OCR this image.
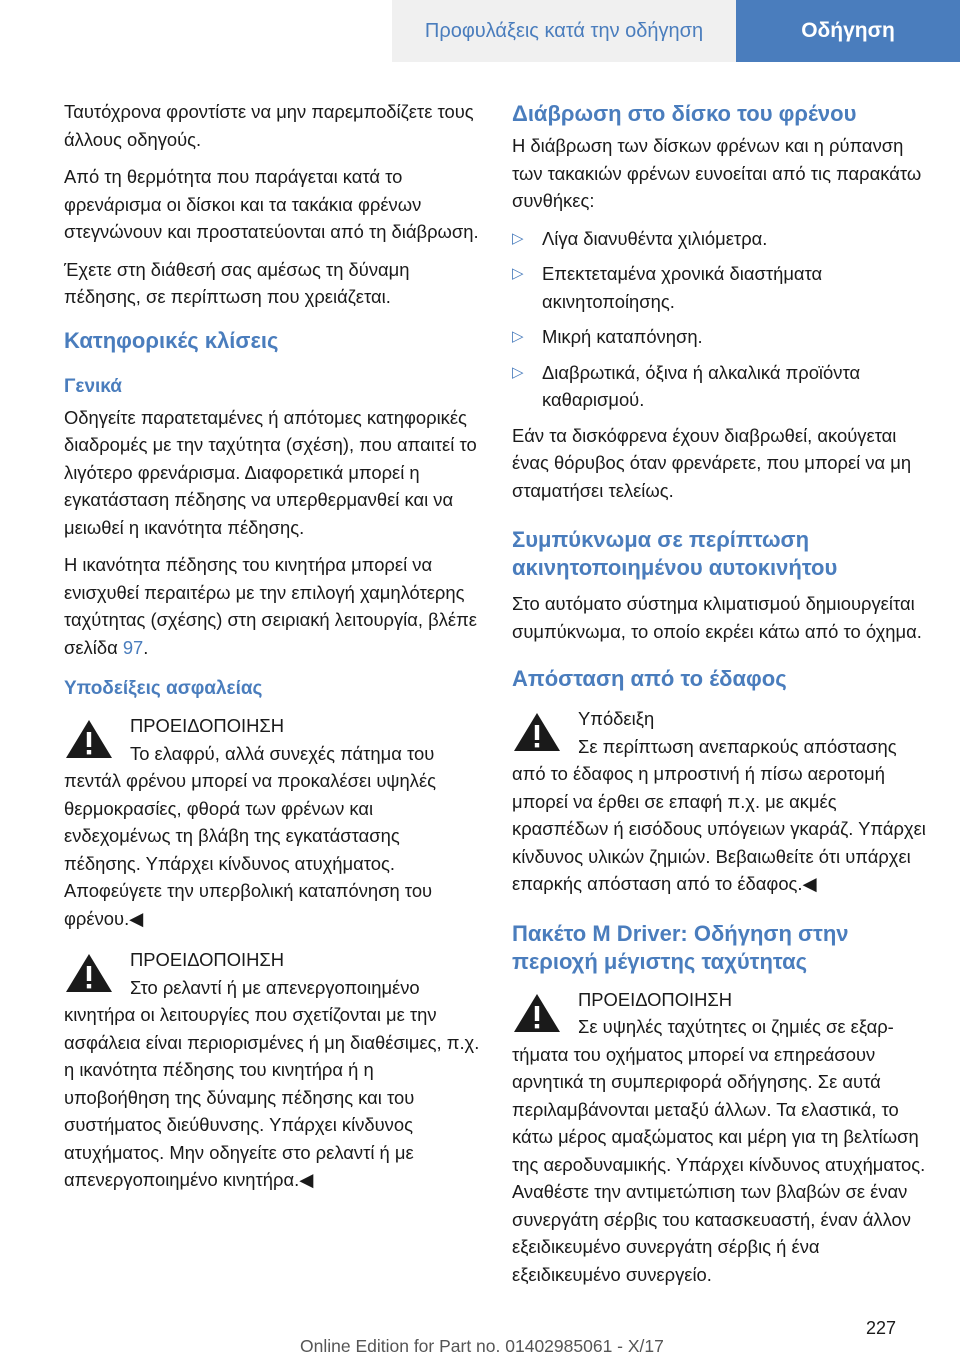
Προφυλάξεις κατά την οδήγηση	Οδήγηση

Ταυτόχρονα φροντίστε να μην παρεμποδίζετε τους άλλους οδηγούς.

Από τη θερμότητα που παράγεται κατά το φρενάρισμα οι δίσκοι και τα τακάκια φρένων στεγνώνουν και προστατεύονται από τη διάβρωση.

Έχετε στη διάθεσή σας αμέσως τη δύναμη πέδησης, σε περίπτωση που χρειάζεται.

Κατηφορικές κλίσεις
Γενικά

Οδηγείτε παρατεταμένες ή απότομες κατηφορικές διαδρομές με την ταχύτητα (σχέση), που απαιτεί το λιγότερο φρενάρισμα. Διαφορετικά μπορεί η εγκατάσταση πέδησης να υπερθερμανθεί και να μειωθεί η ικανότητα πέδησης.

Η ικανότητα πέδησης του κινητήρα μπορεί να ενισχυθεί περαιτέρω με την επιλογή χαμηλότερης ταχύτητας (σχέσης) στη σειριακή λειτουργία, βλέπε σελίδα 97.

Υποδείξεις ασφαλείας

ΠΡΟΕΙΔΟΠΟΙΗΣΗ

Το ελαφρύ, αλλά συνεχές πάτημα του

πεντάλ φρένου μπορεί να προκαλέσει υψηλές θερμοκρασίες, φθορά των φρένων και ενδεχομένως τη βλάβη της εγκατάστασης πέδησης. Υπάρχει κίνδυνος ατυχήματος. Αποφεύγετε την υπερβολική καταπόνηση του φρένου.◀

ΠΡΟΕΙΔΟΠΟΙΗΣΗ

Στο ρελαντί ή με απενεργοποιημένο

κινητήρα οι λειτουργίες που σχετίζονται με την ασφάλεια είναι περιορισμένες ή μη διαθέσιμες, π.χ. η ικανότητα πέδησης του κινητήρα ή η υποβοήθηση της δύναμης πέδησης και του συστήματος διεύθυνσης. Υπάρχει κίνδυνος ατυχήματος. Μην οδηγείτε στο ρελαντί ή με απενεργοποιημένο κινητήρα.◀

Διάβρωση στο δίσκο του φρένου

Η διάβρωση των δίσκων φρένων και η ρύπανση των τακακιών φρένων ευνοείται από τις παρακάτω συνθήκες:

▷ Λίγα διανυθέντα χιλιόμετρα.
▷ Επεκτεταμένα χρονικά διαστήματα ακινητοποίησης.
▷ Μικρή καταπόνηση.
▷ Διαβρωτικά, όξινα ή αλκαλικά προϊόντα καθαρισμού.

Εάν τα δισκόφρενα έχουν διαβρωθεί, ακούγεται ένας θόρυβος όταν φρενάρετε, που μπορεί να μη σταματήσει τελείως.

Συμπύκνωμα σε περίπτωση ακινητοποιημένου αυτοκινήτου

Στο αυτόματο σύστημα κλιματισμού δημιουργείται συμπύκνωμα, το οποίο εκρέει κάτω από το όχημα.

Απόσταση από το έδαφος

Υπόδειξη

Σε περίπτωση ανεπαρκούς απόστασης

από το έδαφος η μπροστινή ή πίσω αεροτομή μπορεί να έρθει σε επαφή π.χ. με ακμές κρασπέδων ή εισόδους υπόγειων γκαράζ. Υπάρχει κίνδυνος υλικών ζημιών. Βεβαιωθείτε ότι υπάρχει επαρκής απόσταση από το έδαφος.◀

Πακέτο M Driver: Οδήγηση στην περιοχή μέγιστης ταχύτητας

ΠΡΟΕΙΔΟΠΟΙΗΣΗ

Σε υψηλές ταχύτητες οι ζημιές σε εξαρ-

τήματα του οχήματος μπορεί να επηρεάσουν αρνητικά τη συμπεριφορά οδήγησης. Σε αυτά περιλαμβάνονται μεταξύ άλλων. Τα ελαστικά, το κάτω μέρος αμαξώματος και μέρη για τη βελτίωση της αεροδυναμικής. Υπάρχει κίνδυνος ατυχήματος. Αναθέστε την αντιμετώπιση των βλαβών σε έναν συνεργάτη σέρβις του κατασκευαστή, έναν άλλον εξειδικευμένο συνεργάτη σέρβις ή ένα εξειδικευμένο συνεργείο.

227
Online Edition for Part no. 01402985061 - X/17
